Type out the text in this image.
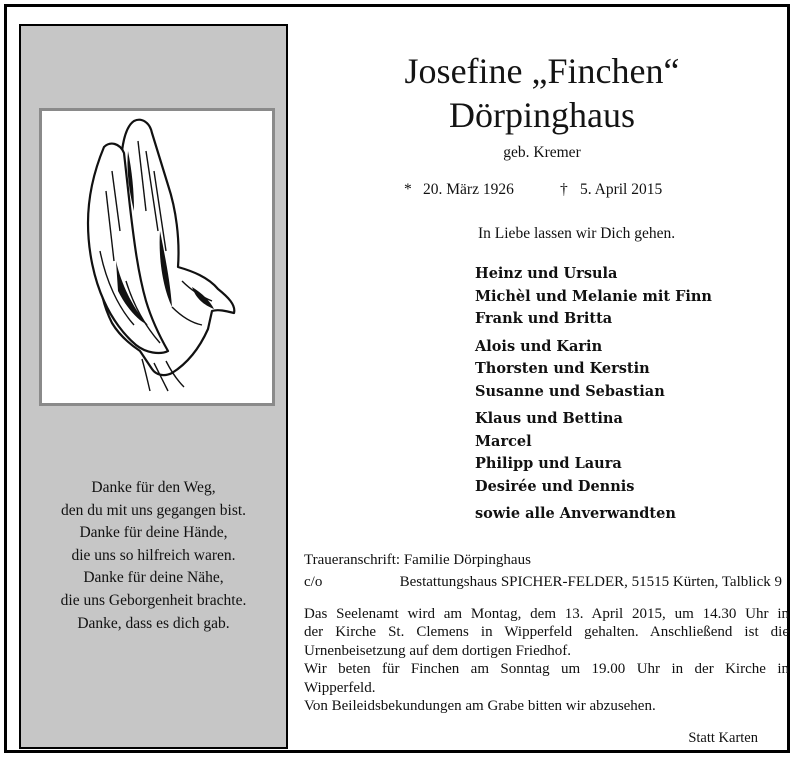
Danke für den Weg,
den du mit uns gegangen bist.
Danke für deine Hände,
die uns so hilfreich waren.
Danke für deine Nähe,
die uns Geborgenheit brachte.
Danke, dass es dich gab.
Josefine „Finchen“
Dörpinghaus
geb. Kremer
* 20. März 1926	† 5. April 2015
In Liebe lassen wir Dich gehen.
Heinz und Ursula
Michèl und Melanie mit Finn
Frank und Britta
Alois und Karin
Thorsten und Kerstin
Susanne und Sebastian
Klaus und Bettina
Marcel
Philipp und Laura
Desirée und Dennis
sowie alle Anverwandten
Traueranschrift: Familie Dörpinghaus
c/o	Bestattungshaus SPICHER-FELDER, 51515 Kürten, Talblick 9
Das Seelenamt wird am Montag, dem 13. April 2015, um 14.30 Uhr in
der Kirche St. Clemens in Wipperfeld gehalten. Anschließend ist die
Urnenbeisetzung auf dem dortigen Friedhof.
Wir beten für Finchen am Sonntag um 19.00 Uhr in der Kirche in
Wipperfeld.
Von Beileidsbekundungen am Grabe bitten wir abzusehen.
Statt Karten
